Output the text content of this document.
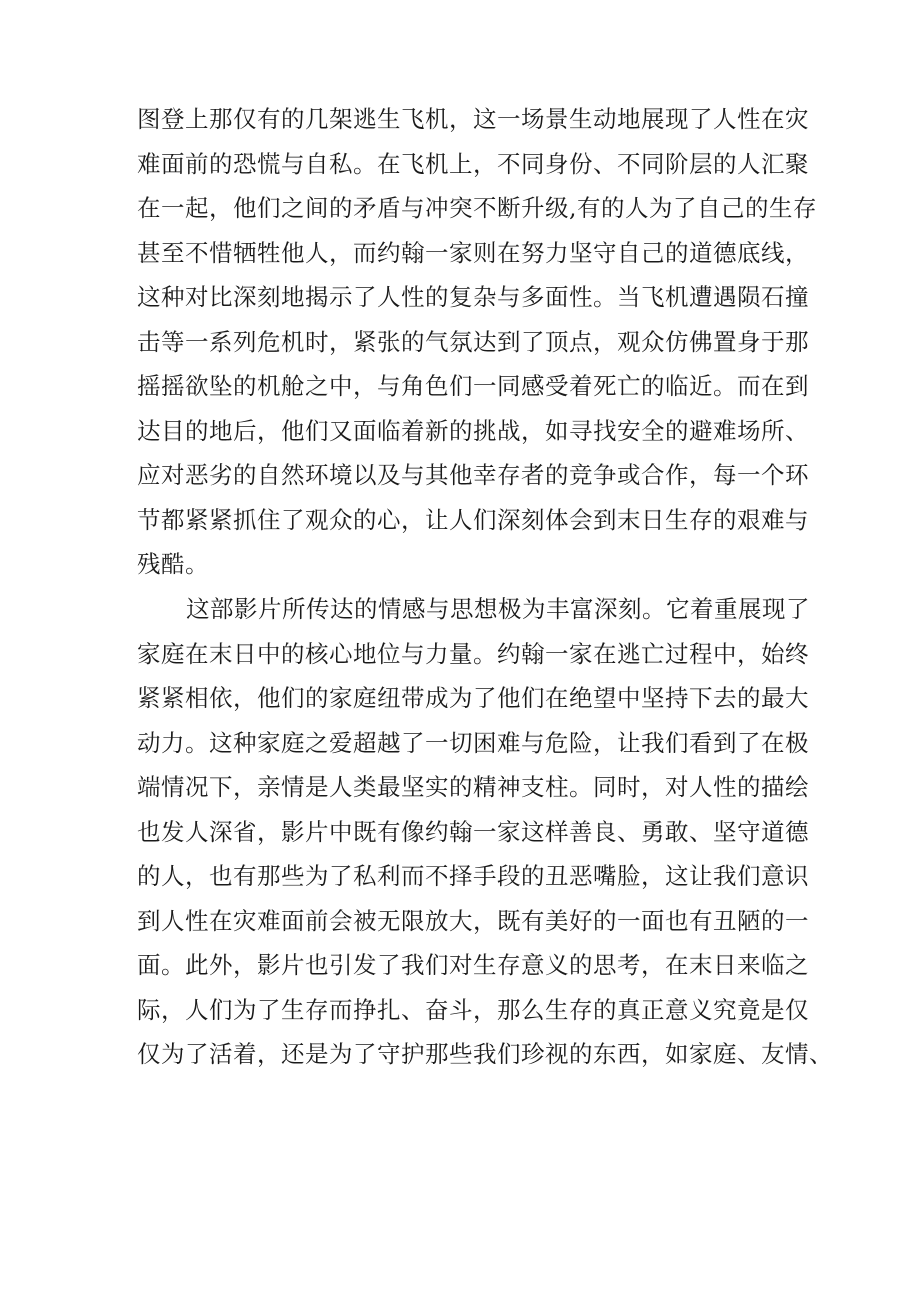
图登上那仅有的几架逃生飞机，这一场景生动地展现了人性在灾
难面前的恐慌与自私。在飞机上，不同身份、不同阶层的人汇聚
在一起，他们之间的矛盾与冲突不断升级,有的人为了自己的生存
甚至不惜牺牲他人，而约翰一家则在努力坚守自己的道德底线，
这种对比深刻地揭示了人性的复杂与多面性。当飞机遭遇陨石撞
击等一系列危机时，紧张的气氛达到了顶点，观众仿佛置身于那
摇摇欲坠的机舱之中，与角色们一同感受着死亡的临近。而在到
达目的地后，他们又面临着新的挑战，如寻找安全的避难场所、
应对恶劣的自然环境以及与其他幸存者的竞争或合作，每一个环
节都紧紧抓住了观众的心，让人们深刻体会到末日生存的艰难与
残酷。
这部影片所传达的情感与思想极为丰富深刻。它着重展现了
家庭在末日中的核心地位与力量。约翰一家在逃亡过程中，始终
紧紧相依，他们的家庭纽带成为了他们在绝望中坚持下去的最大
动力。这种家庭之爱超越了一切困难与危险，让我们看到了在极
端情况下，亲情是人类最坚实的精神支柱。同时，对人性的描绘
也发人深省，影片中既有像约翰一家这样善良、勇敢、坚守道德
的人，也有那些为了私利而不择手段的丑恶嘴脸，这让我们意识
到人性在灾难面前会被无限放大，既有美好的一面也有丑陋的一
面。此外，影片也引发了我们对生存意义的思考，在末日来临之
际，人们为了生存而挣扎、奋斗，那么生存的真正意义究竟是仅
仅为了活着，还是为了守护那些我们珍视的东西，如家庭、友情、
